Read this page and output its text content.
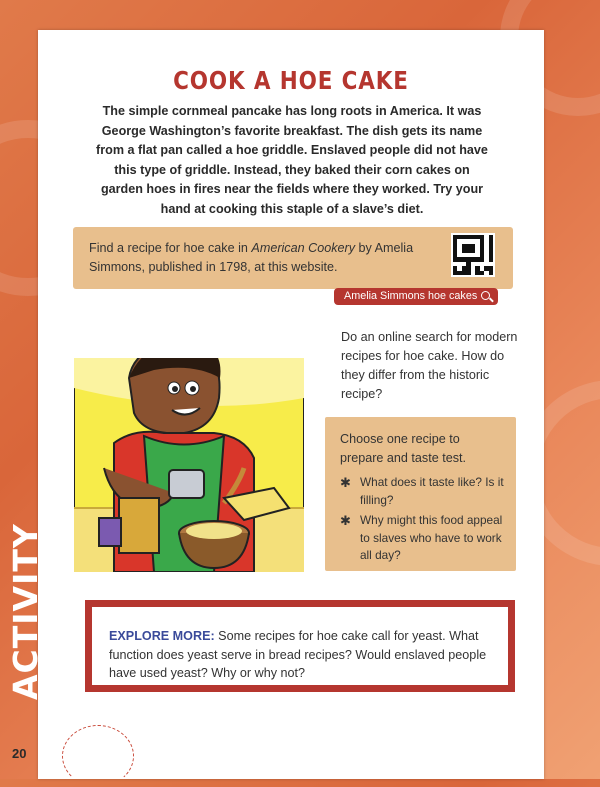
COOK A HOE CAKE
The simple cornmeal pancake has long roots in America. It was George Washington’s favorite breakfast. The dish gets its name from a flat pan called a hoe griddle. Enslaved people did not have this type of griddle. Instead, they baked their corn cakes on garden hoes in fires near the fields where they worked. Try your hand at cooking this staple of a slave’s diet.
Find a recipe for hoe cake in American Cookery by Amelia Simmons, published in 1798, at this website.
Amelia Simmons hoe cakes
Do an online search for modern recipes for hoe cake. How do they differ from the historic recipe?
Choose one recipe to prepare and taste test.
✱ What does it taste like? Is it filling?
✱ Why might this food appeal to slaves who have to work all day?
EXPLORE MORE: Some recipes for hoe cake call for yeast. What function does yeast serve in bread recipes? Would enslaved people have used yeast? Why or why not?
ACTIVITY
20
